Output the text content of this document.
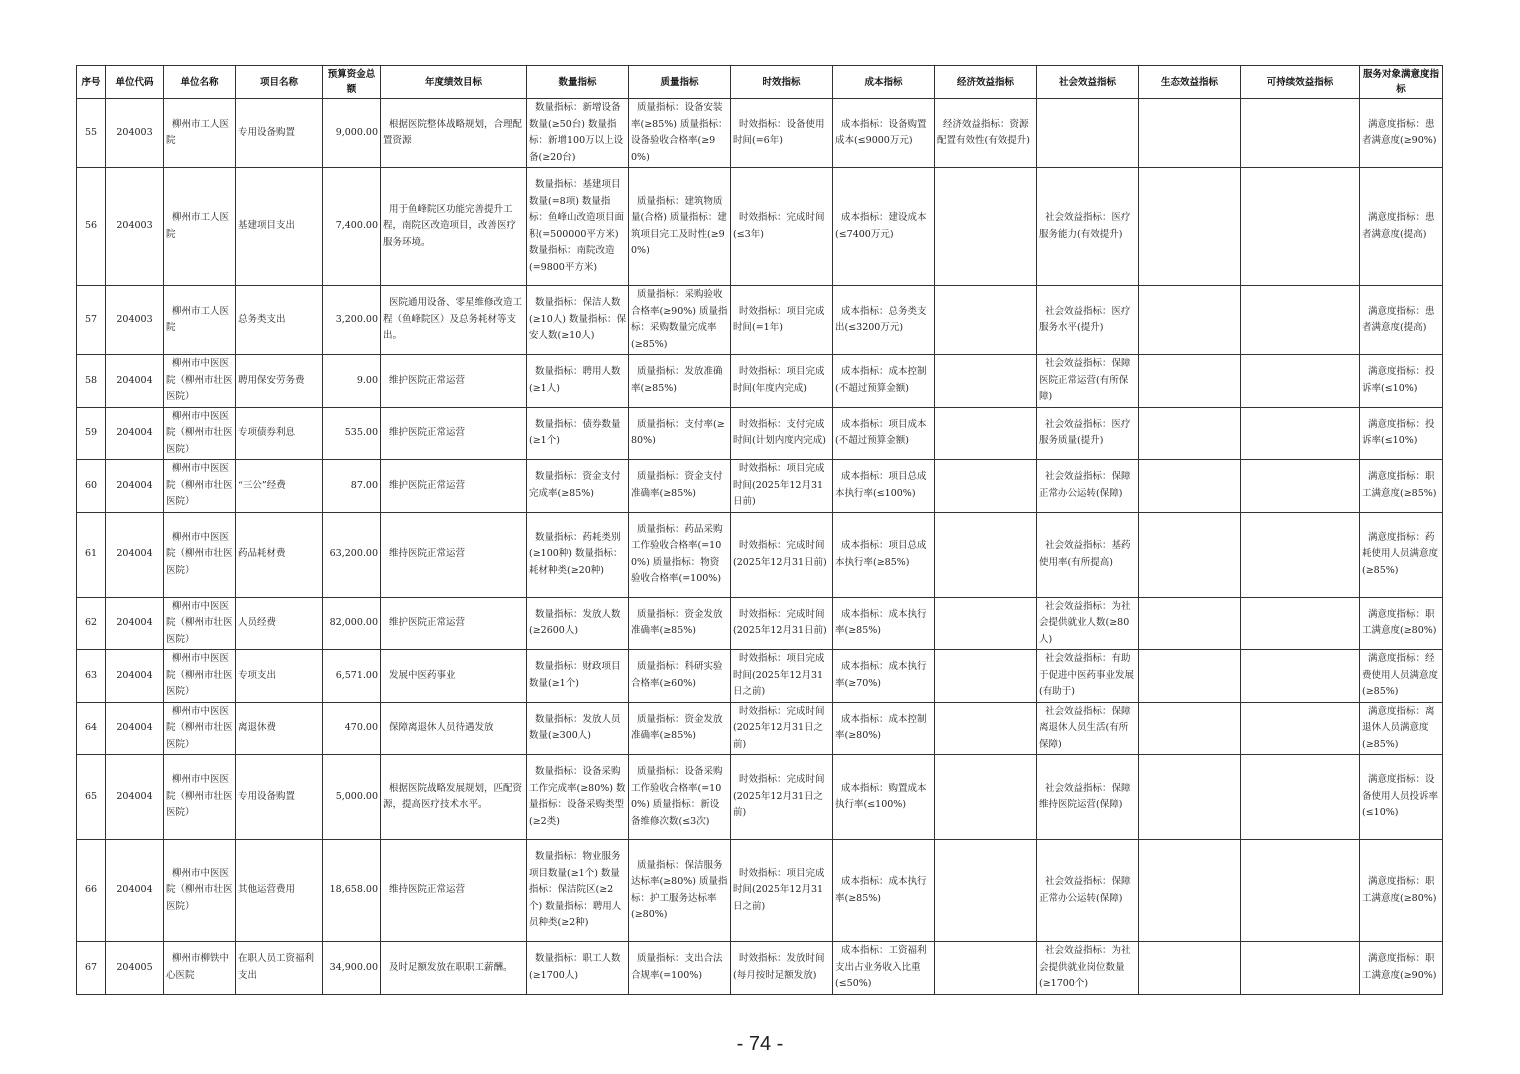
序号	单位代码	单位名称	项目名称	预算资金总额	年度绩效目标	数量指标	质量指标	时效指标	成本指标	经济效益指标	社会效益指标	生态效益指标	可持续效益指标	服务对象满意度指标
55	204003	柳州市工人医院	专用设备购置	9,000.00	根据医院整体战略规划，合理配置资源	数量指标：新增设备数量(≥50台) 数量指标：新增100万以上设备(≥20台)	质量指标：设备安装率(≥85%) 质量指标：设备验收合格率(≥90%)	时效指标：设备使用时间(=6年)	成本指标：设备购置成本(≤9000万元)	经济效益指标：资源配置有效性(有效提升)				满意度指标：患者满意度(≥90%)
56	204003	柳州市工人医院	基建项目支出	7,400.00	用于鱼峰院区功能完善提升工程，南院区改造项目，改善医疗服务环境。	数量指标：基建项目数量(=8项) 数量指标：鱼峰山改造项目面积(=500000平方米) 数量指标：南院改造(=9800平方米)	质量指标：建筑物质量(合格) 质量指标：建筑项目完工及时性(≥90%)	时效指标：完成时间(≤3年)	成本指标：建设成本(≤7400万元)		社会效益指标：医疗服务能力(有效提升)			满意度指标：患者满意度(提高)
57	204003	柳州市工人医院	总务类支出	3,200.00	医院通用设备、零星维修改造工程（鱼峰院区）及总务耗材等支出。	数量指标：保洁人数(≥10人) 数量指标：保安人数(≥10人)	质量指标：采购验收合格率(≥90%) 质量指标：采购数量完成率(≥85%)	时效指标：项目完成时间(=1年)	成本指标：总务类支出(≤3200万元)		社会效益指标：医疗服务水平(提升)			满意度指标：患者满意度(提高)
58	204004	柳州市中医医院（柳州市壮医医院）	聘用保安劳务费	9.00	维护医院正常运营	数量指标：聘用人数(≥1人)	质量指标：发放准确率(≥85%)	时效指标：项目完成时间(年度内完成)	成本指标：成本控制(不超过预算金额)		社会效益指标：保障医院正常运营(有所保障)			满意度指标：投诉率(≤10%)
59	204004	柳州市中医医院（柳州市壮医医院）	专项债券利息	535.00	维护医院正常运营	数量指标：债券数量(≥1个)	质量指标：支付率(≥80%)	时效指标：支付完成时间(计划内度内完成)	成本指标：项目成本(不超过预算金额)		社会效益指标：医疗服务质量(提升)			满意度指标：投诉率(≤10%)
60	204004	柳州市中医医院（柳州市壮医医院）	“三公”经费	87.00	维护医院正常运营	数量指标：资金支付完成率(≥85%)	质量指标：资金支付准确率(≥85%)	时效指标：项目完成时间(2025年12月31日前)	成本指标：项目总成本执行率(≤100%)		社会效益指标：保障正常办公运转(保障)			满意度指标：职工满意度(≥85%)
61	204004	柳州市中医医院（柳州市壮医医院）	药品耗材费	63,200.00	维持医院正常运营	数量指标：药耗类别(≥100种) 数量指标：耗材种类(≥20种)	质量指标：药品采购工作验收合格率(=100%) 质量指标：物资验收合格率(=100%)	时效指标：完成时间(2025年12月31日前)	成本指标：项目总成本执行率(≥85%)		社会效益指标：基药使用率(有所提高)			满意度指标：药耗使用人员满意度(≥85%)
62	204004	柳州市中医医院（柳州市壮医医院）	人员经费	82,000.00	维护医院正常运营	数量指标：发放人数(≥2600人)	质量指标：资金发放准确率(≥85%)	时效指标：完成时间(2025年12月31日前)	成本指标：成本执行率(≥85%)		社会效益指标：为社会提供就业人数(≥80人)			满意度指标：职工满意度(≥80%)
63	204004	柳州市中医医院（柳州市壮医医院）	专项支出	6,571.00	发展中医药事业	数量指标：财政项目数量(≥1个)	质量指标：科研实验合格率(≥60%)	时效指标：项目完成时间(2025年12月31日之前)	成本指标：成本执行率(≥70%)		社会效益指标：有助于促进中医药事业发展(有助于)			满意度指标：经费使用人员满意度(≥85%)
64	204004	柳州市中医医院（柳州市壮医医院）	离退休费	470.00	保障离退休人员待遇发放	数量指标：发放人员数量(≥300人)	质量指标：资金发放准确率(≥85%)	时效指标：完成时间(2025年12月31日之前)	成本指标：成本控制率(≥80%)		社会效益指标：保障离退休人员生活(有所保障)			满意度指标：离退休人员满意度(≥85%)
65	204004	柳州市中医医院（柳州市壮医医院）	专用设备购置	5,000.00	根据医院战略发展规划，匹配资源，提高医疗技术水平。	数量指标：设备采购工作完成率(≥80%) 数量指标：设备采购类型(≥2类)	质量指标：设备采购工作验收合格率(=100%) 质量指标：新设备维修次数(≤3次)	时效指标：完成时间(2025年12月31日之前)	成本指标：购置成本执行率(≤100%)		社会效益指标：保障维持医院运营(保障)			满意度指标：设备使用人员投诉率(≤10%)
66	204004	柳州市中医医院（柳州市壮医医院）	其他运营费用	18,658.00	维持医院正常运营	数量指标：物业服务项目数量(≥1个) 数量指标：保洁院区(≥2个) 数量指标：聘用人员种类(≥2种)	质量指标：保洁服务达标率(≥80%) 质量指标：护工服务达标率(≥80%)	时效指标：项目完成时间(2025年12月31日之前)	成本指标：成本执行率(≥85%)		社会效益指标：保障正常办公运转(保障)			满意度指标：职工满意度(≥80%)
67	204005	柳州市柳铁中心医院	在职人员工资福利支出	34,900.00	及时足额发放在职职工薪酬。	数量指标：职工人数(≥1700人)	质量指标：支出合法合规率(=100%)	时效指标：发放时间(每月按时足额发放)	成本指标：工资福利支出占业务收入比重(≤50%)		社会效益指标：为社会提供就业岗位数量(≥1700个)			满意度指标：职工满意度(≥90%)
- 74 -
